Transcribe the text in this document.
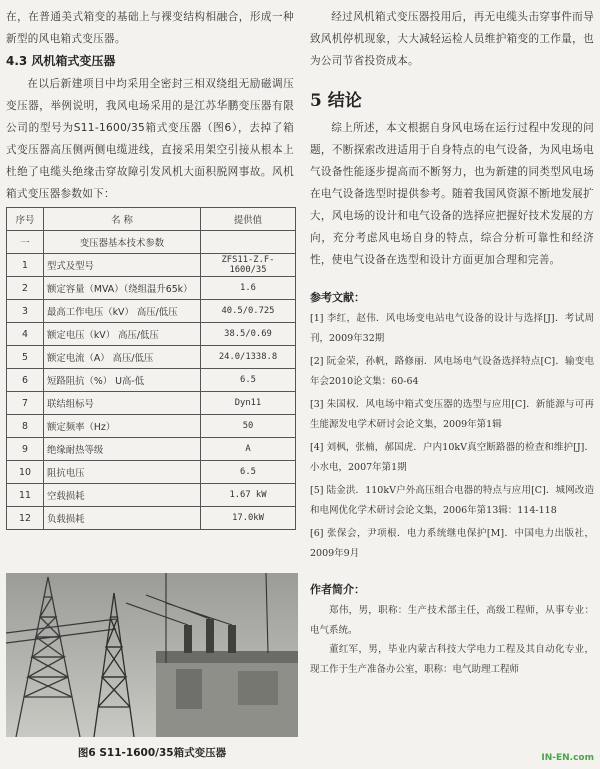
在，在普通美式箱变的基础上与裸变结构相融合，形成一种新型的风电箱式变压器。

4.3 风机箱式变压器

在以后新建项目中均采用全密封三相双绕组无励磁调压变压器，举例说明，我风电场采用的是江苏华鹏变压器有限公司的型号为S11-1600/35箱式变压器（图6），去掉了箱式变压器高压侧两侧电缆进线，直接采用架空引接从根本上杜绝了电缆头绝缘击穿故障引发风机大面积脱网事故。风机箱式变压器参数如下：

序号	名 称	提供值
一	变压器基本技术参数	
1	型式及型号	ZFS11-Z.F-1600/35
2	额定容量（MVA）（绕组温升65k）	1.6
3	最高工作电压（kV） 高压/低压	40.5/0.725
4	额定电压（kV） 高压/低压	38.5/0.69
5	额定电流（A） 高压/低压	24.0/1338.8
6	短路阻抗（%） U高-低	6.5
7	联结组标号	Dyn11
8	额定频率（Hz）	50
9	绝缘耐热等级	A
10	阻抗电压	6.5
11	空载损耗	1.67 kW
12	负载损耗	17.0kW
图6 S11-1600/35箱式变压器

经过风机箱式变压器投用后，再无电缆头击穿事件而导致风机停机现象，大大减轻运检人员维护箱变的工作量，也为公司节省投资成本。

5 结论

综上所述，本文根据自身风电场在运行过程中发现的问题，不断探索改进适用于自身特点的电气设备，为风电场电气设备性能逐步提高而不断努力，也为新建的同类型风电场在电气设备选型时提供参考。随着我国风资源不断地发展扩大，风电场的设计和电气设备的选择应把握好技术发展的方向，充分考虑风电场自身的特点，综合分析可靠性和经济性，使电气设备在选型和设计方面更加合理和完善。

参考文献：

[1] 李红，赵伟．风电场变电站电气设备的设计与选择[J]．考试周刊，2009年32期

[2] 阮金荣，孙帆，路修丽．风电场电气设备选择特点[C]．输变电年会2010论文集：60-64

[3] 朱国权．风电场中箱式变压器的选型与应用[C]．新能源与可再生能源发电学术研讨会论文集，2009年第1辑

[4] 刘枫，张楠，郝国虎．户内10kV真空断路器的检查和维护[J]．小水电，2007年第1期

[5] 陆金洪．110kV户外高压组合电器的特点与应用[C]．城网改造和电网优化学术研讨会论文集，2006年第13辑：114-118

[6] 张保会，尹项根．电力系统继电保护[M]．中国电力出版社，2009年9月

作者简介：

郑伟，男，职称：生产技术部主任，高级工程师，从事专业：电气系统。

董红军，男，毕业内蒙古科技大学电力工程及其自动化专业，现工作于生产准备办公室，职称：电气助理工程师

IN-EN.com
